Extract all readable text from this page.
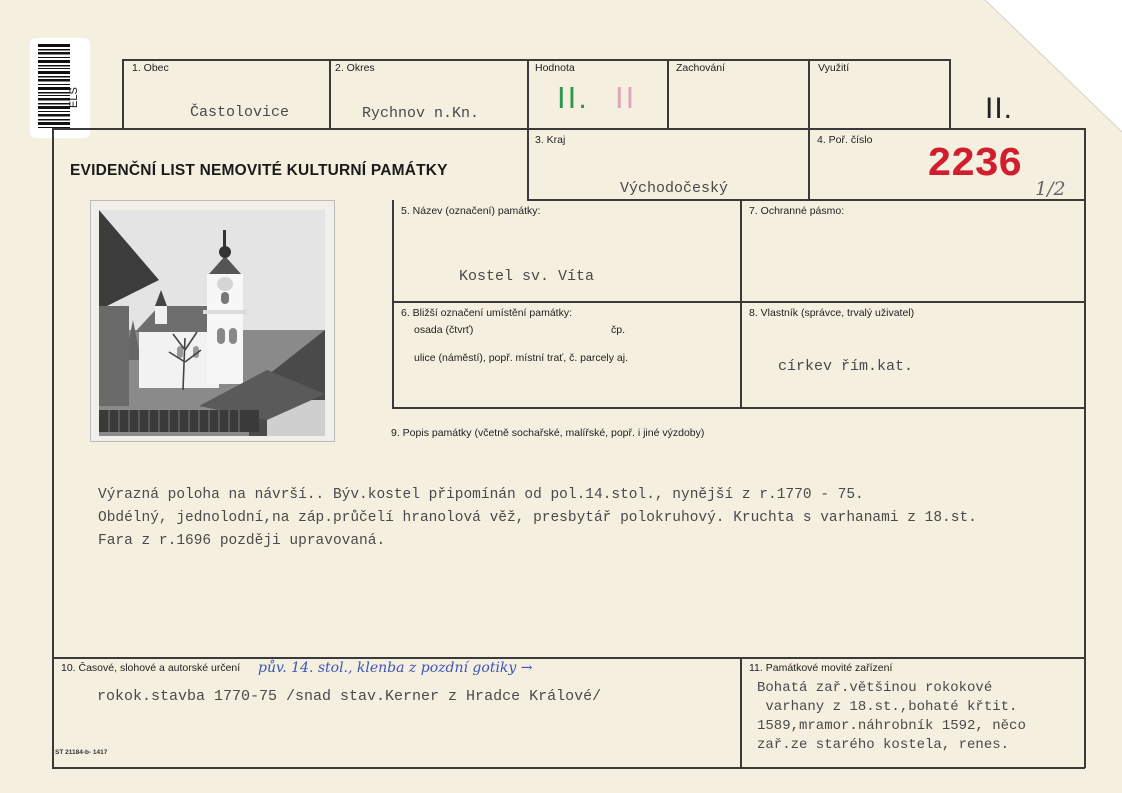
ELS
1. Obec
Častolovice
2. Okres
Rychnov n.Kn.
Hodnota
II. II
Zachování	Využití
II.
EVIDENČNÍ LIST NEMOVITÉ KULTURNÍ PAMÁTKY
3. Kraj
Východočeský
4. Poř. číslo
2236
1/2
5. Název (označení) památky:
Kostel sv. Víta
7. Ochranné pásmo:
6. Bližší označení umístění památky:
osada (čtvrť)	čp.
ulice (náměstí), popř. místní trať, č. parcely aj.
8. Vlastník (správce, trvalý uživatel)
církev řím.kat.
9. Popis památky (včetně sochařské, malířské, popř. i jiné výzdoby)
Výrazná poloha na návrší.. Býv.kostel připomínán od pol.14.stol., nynější z r.1770 - 75.
Obdélný, jednolodní,na záp.průčelí hranolová věž, presbytář polokruhový. Kruchta s varhanami z 18.st.
Fara z r.1696 později upravovaná.
10. Časové, slohové a autorské určení pův. 14. stol., klenba z pozdní gotiky →
rokok.stavba 1770-75 /snad stav.Kerner z Hradce Králové/
11. Památkové movité zařízení
Bohatá zař.většinou rokokové
varhany z 18.st.,bohaté křtit.
1589,mramor.náhrobník 1592, něco
zař.ze starého kostela, renes.
ST 21184-b- 1417
